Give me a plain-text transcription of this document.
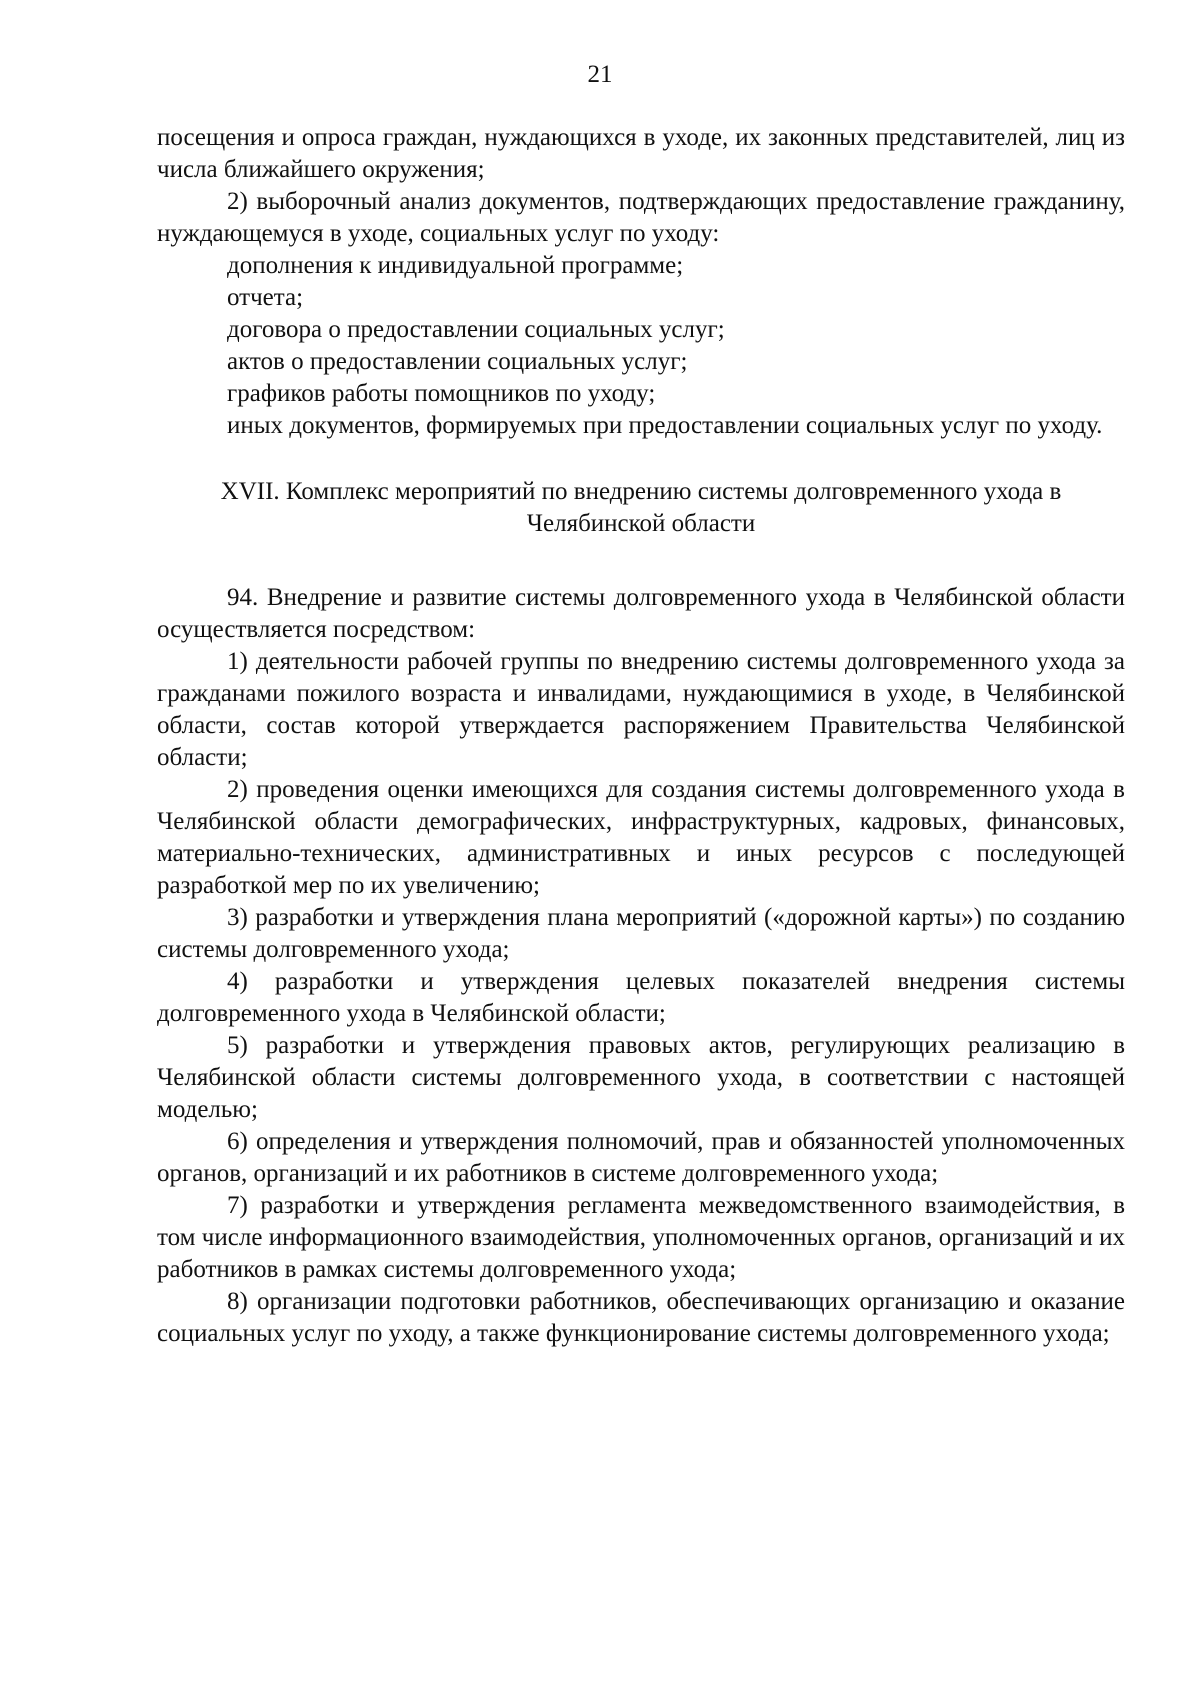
21

посещения и опроса граждан, нуждающихся в уходе, их законных представителей, лиц из числа ближайшего окружения;

2) выборочный анализ документов, подтверждающих предоставление гражданину, нуждающемуся в уходе, социальных услуг по уходу:

дополнения к индивидуальной программе;

отчета;

договора о предоставлении социальных услуг;

актов о предоставлении социальных услуг;

графиков работы помощников по уходу;

иных документов, формируемых при предоставлении социальных услуг по уходу.

XVII. Комплекс мероприятий по внедрению системы долговременного ухода в
Челябинской области

94. Внедрение и развитие системы долговременного ухода в Челябинской области осуществляется посредством:

1) деятельности рабочей группы по внедрению системы долговременного ухода за гражданами пожилого возраста и инвалидами, нуждающимися в уходе, в Челябинской области, состав которой утверждается распоряжением Правительства Челябинской области;

2) проведения оценки имеющихся для создания системы долговременного ухода в Челябинской области демографических, инфраструктурных, кадровых, финансовых, материально-технических, административных и иных ресурсов с последующей разработкой мер по их увеличению;

3) разработки и утверждения плана мероприятий («дорожной карты») по созданию системы долговременного ухода;

4) разработки и утверждения целевых показателей внедрения системы долговременного ухода в Челябинской области;

5) разработки и утверждения правовых актов, регулирующих реализацию в Челябинской области системы долговременного ухода, в соответствии с настоящей моделью;

6) определения и утверждения полномочий, прав и обязанностей уполномоченных органов, организаций и их работников в системе долговременного ухода;

7) разработки и утверждения регламента межведомственного взаимодействия, в том числе информационного взаимодействия, уполномоченных органов, организаций и их работников в рамках системы долговременного ухода;

8) организации подготовки работников, обеспечивающих организацию и оказание социальных услуг по уходу, а также функционирование системы долговременного ухода;
